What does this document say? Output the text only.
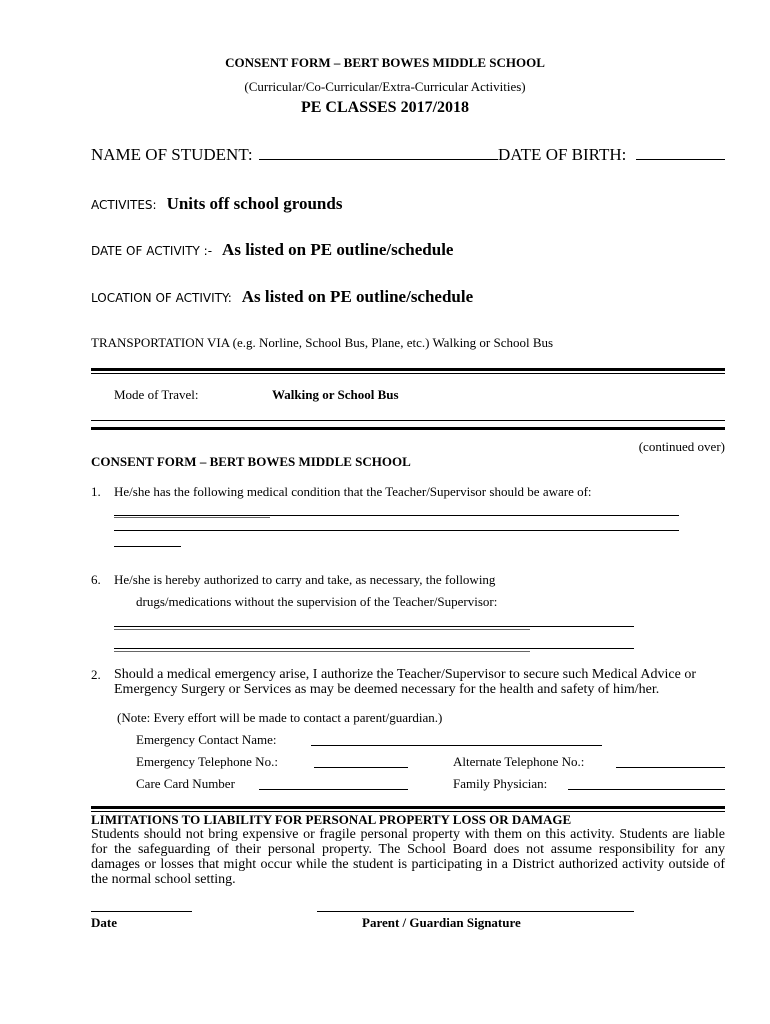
CONSENT FORM – BERT BOWES MIDDLE SCHOOL
(Curricular/Co-Curricular/Extra-Curricular Activities)
PE CLASSES 2017/2018
NAME OF STUDENT:	DATE OF BIRTH:
ACTIVITES: Units off school grounds
DATE OF ACTIVITY :- As listed on PE outline/schedule
LOCATION OF ACTIVITY: As listed on PE outline/schedule
TRANSPORTATION VIA (e.g. Norline, School Bus, Plane, etc.) Walking or School Bus
Mode of Travel:	Walking or School Bus
(continued over)
CONSENT FORM – BERT BOWES MIDDLE SCHOOL
1. He/she has the following medical condition that the Teacher/Supervisor should be aware of:
6. He/she is hereby authorized to carry and take, as necessary, the following
drugs/medications without the supervision of the Teacher/Supervisor:
2. Should a medical emergency arise, I authorize the Teacher/Supervisor to secure such Medical Advice or Emergency Surgery or Services as may be deemed necessary for the health and safety of him/her.
(Note: Every effort will be made to contact a parent/guardian.)
Emergency Contact Name:
Emergency Telephone No.:	Alternate Telephone No.:
Care Card Number	Family Physician:
LIMITATIONS TO LIABILITY FOR PERSONAL PROPERTY LOSS OR DAMAGE
Students should not bring expensive or fragile personal property with them on this activity. Students are liable for the safeguarding of their personal property. The School Board does not assume responsibility for any damages or losses that might occur while the student is participating in a District authorized activity outside of the normal school setting.
Date	Parent / Guardian Signature
